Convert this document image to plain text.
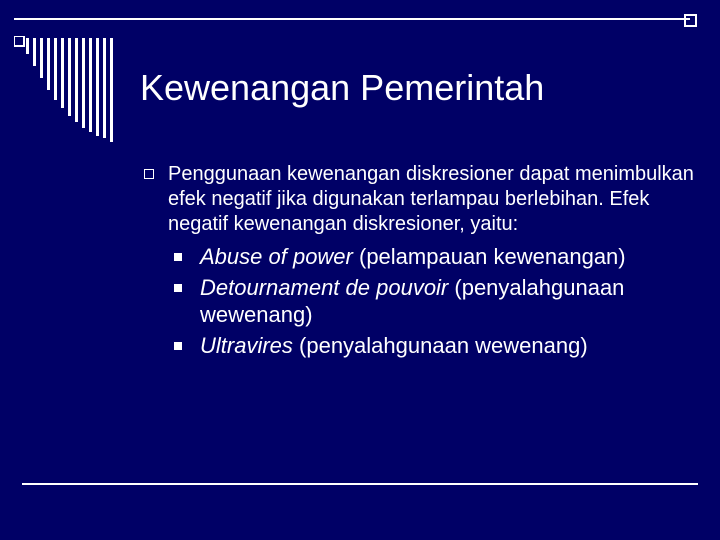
Kewenangan Pemerintah
Penggunaan kewenangan diskresioner dapat menimbulkan efek negatif jika digunakan terlampau berlebihan. Efek negatif kewenangan diskresioner, yaitu:
Abuse of power (pelampauan kewenangan)
Detournament de pouvoir (penyalahgunaan wewenang)
Ultravires (penyalahgunaan wewenang)
